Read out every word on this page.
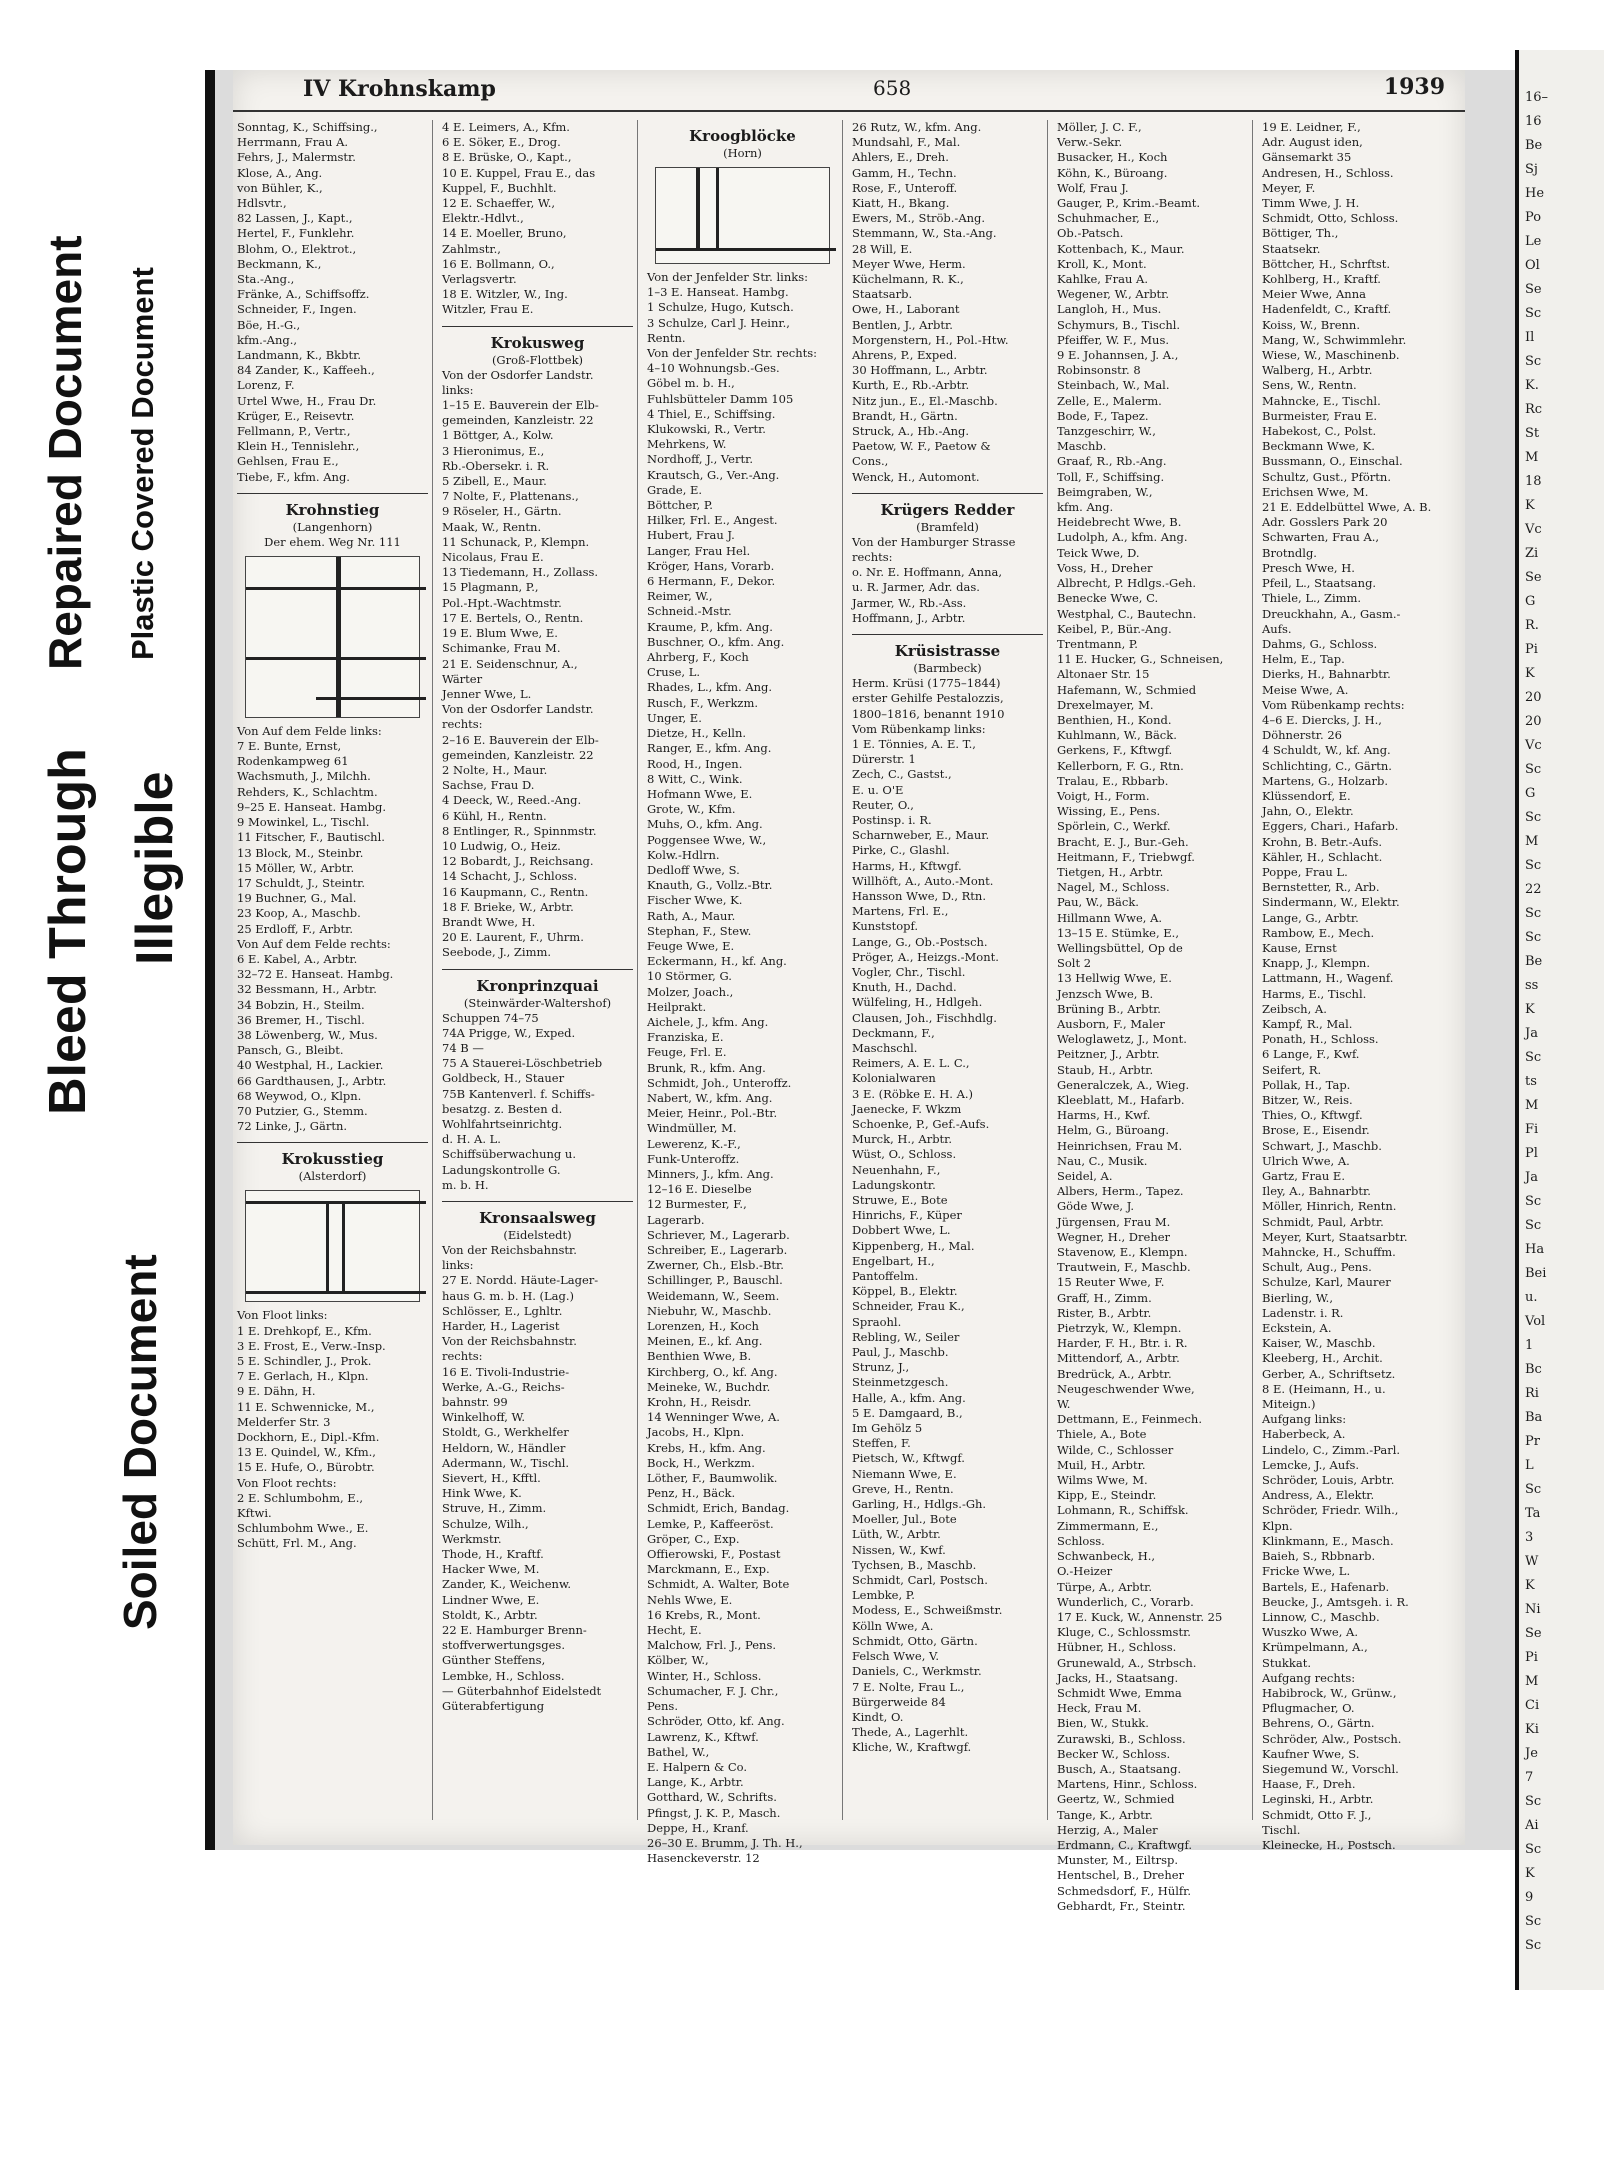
Bleed Through
Repaired Document Plastic Covered Document
Illegible
Soiled Document
IV Krohnskamp	658	1939
Sonntag, K., Schiffsing.,
Herrmann, Frau A.
Fehrs, J., Malermstr.
Klose, A., Ang.
von Bühler, K.,
Hdlsvtr.,
82 Lassen, J., Kapt.,
Hertel, F., Funklehr.
Blohm, O., Elektrot.,
Beckmann, K.,
Sta.-Ang.,
Fränke, A., Schiffsoffz.
Schneider, F., Ingen.
Böe, H.-G.,
kfm.-Ang.,
Landmann, K., Bkbtr.
84 Zander, K., Kaffeeh.,
Lorenz, F.
Urtel Wwe, H., Frau Dr.
Krüger, E., Reisevtr.
Fellmann, P., Vertr.,
Klein H., Tennislehr.,
Gehlsen, Frau E.,
Tiebe, F., kfm. Ang.
Krohnstieg
(Langenhorn)
Der ehem. Weg Nr. 111
Von Auf dem Felde links:
7 E. Bunte, Ernst,
Rodenkampweg 61
Wachsmuth, J., Milchh.
Rehders, K., Schlachtm.
9–25 E. Hanseat. Hambg.
9 Mowinkel, L., Tischl.
11 Fitscher, F., Bautischl.
13 Block, M., Steinbr.
15 Möller, W., Arbtr.
17 Schuldt, J., Steintr.
19 Buchner, G., Mal.
23 Koop, A., Maschb.
25 Erdloff, F., Arbtr.
Von Auf dem Felde rechts:
6 E. Kabel, A., Arbtr.
32–72 E. Hanseat. Hambg.
32 Bessmann, H., Arbtr.
34 Bobzin, H., Steilm.
36 Bremer, H., Tischl.
38 Löwenberg, W., Mus.
Pansch, G., Bleibt.
40 Westphal, H., Lackier.
66 Gardthausen, J., Arbtr.
68 Weywod, O., Klpn.
70 Putzier, G., Stemm.
72 Linke, J., Gärtn.
Krokusstieg
(Alsterdorf)
Von Floot links:
1 E. Drehkopf, E., Kfm.
3 E. Frost, E., Verw.-Insp.
5 E. Schindler, J., Prok.
7 E. Gerlach, H., Klpn.
9 E. Dähn, H.
11 E. Schwennicke, M.,
Melderfer Str. 3
Dockhorn, E., Dipl.-Kfm.
13 E. Quindel, W., Kfm.,
15 E. Hufe, O., Bürobtr.
Von Floot rechts:
2 E. Schlumbohm, E.,
Kftwi.
Schlumbohm Wwe., E.
Schütt, Frl. M., Ang.
4 E. Leimers, A., Kfm.
6 E. Söker, E., Drog.
8 E. Brüske, O., Kapt.,
10 E. Kuppel, Frau E., das
Kuppel, F., Buchhlt.
12 E. Schaeffer, W.,
Elektr.-Hdlvt.,
14 E. Moeller, Bruno,
Zahlmstr.,
16 E. Bollmann, O.,
Verlagsvertr.
18 E. Witzler, W., Ing.
Witzler, Frau E.
Krokusweg
(Groß-Flottbek)
Von der Osdorfer Landstr.
links:
1–15 E. Bauverein der Elb-
gemeinden, Kanzleistr. 22
1 Böttger, A., Kolw.
3 Hieronimus, E.,
Rb.-Obersekr. i. R.
5 Zibell, E., Maur.
7 Nolte, F., Plattenans.,
9 Röseler, H., Gärtn.
Maak, W., Rentn.
11 Schunack, P., Klempn.
Nicolaus, Frau E.
13 Tiedemann, H., Zollass.
15 Plagmann, P.,
Pol.-Hpt.-Wachtmstr.
17 E. Bertels, O., Rentn.
19 E. Blum Wwe, E.
Schimanke, Frau M.
21 E. Seidenschnur, A.,
Wärter
Jenner Wwe, L.
Von der Osdorfer Landstr.
rechts:
2–16 E. Bauverein der Elb-
gemeinden, Kanzleistr. 22
2 Nolte, H., Maur.
Sachse, Frau D.
4 Deeck, W., Reed.-Ang.
6 Kühl, H., Rentn.
8 Entlinger, R., Spinnmstr.
10 Ludwig, O., Heiz.
12 Bobardt, J., Reichsang.
14 Schacht, J., Schloss.
16 Kaupmann, C., Rentn.
18 F. Brieke, W., Arbtr.
Brandt Wwe, H.
20 E. Laurent, F., Uhrm.
Seebode, J., Zimm.
Kronprinzquai
(Steinwärder-Waltershof)
Schuppen 74–75
74A Prigge, W., Exped.
74 B —
75 A Stauerei-Löschbetrieb
Goldbeck, H., Stauer
75B Kantenverl. f. Schiffs-
besatzg. z. Besten d.
Wohlfahrtseinrichtg.
d. H. A. L.
Schiffsüberwachung u.
Ladungskontrolle G.
m. b. H.
Kronsaalsweg
(Eidelstedt)
Von der Reichsbahnstr.
links:
27 E. Nordd. Häute-Lager-
haus G. m. b. H. (Lag.)
Schlösser, E., Lghltr.
Harder, H., Lagerist
Von der Reichsbahnstr.
rechts:
16 E. Tivoli-Industrie-
Werke, A.-G., Reichs-
bahnstr. 99
Winkelhoff, W.
Stoldt, G., Werkhelfer
Heldorn, W., Händler
Adermann, W., Tischl.
Sievert, H., Kfftl.
Hink Wwe, K.
Struve, H., Zimm.
Schulze, Wilh.,
Werkmstr.
Thode, H., Kraftf.
Hacker Wwe, M.
Zander, K., Weichenw.
Lindner Wwe, E.
Stoldt, K., Arbtr.
22 E. Hamburger Brenn-
stoffverwertungsges.
Günther Steffens,
Lembke, H., Schloss.
— Güterbahnhof Eidelstedt
Güterabfertigung
Kroogblöcke
(Horn)
Von der Jenfelder Str. links:
1–3 E. Hanseat. Hambg.
1 Schulze, Hugo, Kutsch.
3 Schulze, Carl J. Heinr.,
Rentn.
Von der Jenfelder Str. rechts:
4–10 Wohnungsb.-Ges.
Göbel m. b. H.,
Fuhlsbütteler Damm 105
4 Thiel, E., Schiffsing.
Klukowski, R., Vertr.
Mehrkens, W.
Nordhoff, J., Vertr.
Krautsch, G., Ver.-Ang.
Grade, E.
Böttcher, P.
Hilker, Frl. E., Angest.
Hubert, Frau J.
Langer, Frau Hel.
Kröger, Hans, Vorarb.
6 Hermann, F., Dekor.
Reimer, W.,
Schneid.-Mstr.
Kraume, P., kfm. Ang.
Buschner, O., kfm. Ang.
Ahrberg, F., Koch
Cruse, L.
Rhades, L., kfm. Ang.
Rusch, F., Werkzm.
Unger, E.
Dietze, H., Kelln.
Ranger, E., kfm. Ang.
Rood, H., Ingen.
8 Witt, C., Wink.
Hofmann Wwe, E.
Grote, W., Kfm.
Muhs, O., kfm. Ang.
Poggensee Wwe, W.,
Kolw.-Hdlrn.
Dedloff Wwe, S.
Knauth, G., Vollz.-Btr.
Fischer Wwe, K.
Rath, A., Maur.
Stephan, F., Stew.
Feuge Wwe, E.
Eckermann, H., kf. Ang.
10 Störmer, G.
Molzer, Joach.,
Heilprakt.
Aichele, J., kfm. Ang.
Franziska, E.
Feuge, Frl. E.
Brunk, R., kfm. Ang.
Schmidt, Joh., Unteroffz.
Nabert, W., kfm. Ang.
Meier, Heinr., Pol.-Btr.
Windmüller, M.
Lewerenz, K.-F.,
Funk-Unteroffz.
Minners, J., kfm. Ang.
12–16 E. Dieselbe
12 Burmester, F.,
Lagerarb.
Schriever, M., Lagerarb.
Schreiber, E., Lagerarb.
Zwerner, Ch., Elsb.-Btr.
Schillinger, P., Bauschl.
Weidemann, W., Seem.
Niebuhr, W., Maschb.
Lorenzen, H., Koch
Meinen, E., kf. Ang.
Benthien Wwe, B.
Kirchberg, O., kf. Ang.
Meineke, W., Buchdr.
Krohn, H., Reisdr.
14 Wenninger Wwe, A.
Jacobs, H., Klpn.
Krebs, H., kfm. Ang.
Bock, H., Werkzm.
Löther, F., Baumwolik.
Penz, H., Bäck.
Schmidt, Erich, Bandag.
Lemke, P., Kaffeeröst.
Gröper, C., Exp.
Offierowski, F., Postast
Marckmann, E., Exp.
Schmidt, A. Walter, Bote
Nehls Wwe, E.
16 Krebs, R., Mont.
Hecht, E.
Malchow, Frl. J., Pens.
Kölber, W.,
Winter, H., Schloss.
Schumacher, F. J. Chr.,
Pens.
Schröder, Otto, kf. Ang.
Lawrenz, K., Kftwf.
Bathel, W.,
E. Halpern & Co.
Lange, K., Arbtr.
Gotthard, W., Schrifts.
Pfingst, J. K. P., Masch.
Deppe, H., Kranf.
26–30 E. Brumm, J. Th. H.,
Hasenckeverstr. 12
26 Rutz, W., kfm. Ang.
Mundsahl, F., Mal.
Ahlers, E., Dreh.
Gamm, H., Techn.
Rose, F., Unteroff.
Kiatt, H., Bkang.
Ewers, M., Ströb.-Ang.
Stemmann, W., Sta.-Ang.
28 Will, E.
Meyer Wwe, Herm.
Küchelmann, R. K.,
Staatsarb.
Owe, H., Laborant
Bentlen, J., Arbtr.
Morgenstern, H., Pol.-Htw.
Ahrens, P., Exped.
30 Hoffmann, L., Arbtr.
Kurth, E., Rb.-Arbtr.
Nitz jun., E., El.-Maschb.
Brandt, H., Gärtn.
Struck, A., Hb.-Ang.
Paetow, W. F., Paetow &
Cons.,
Wenck, H., Automont.
Krügers Redder
(Bramfeld)
Von der Hamburger Strasse
rechts:
o. Nr. E. Hoffmann, Anna,
u. R. Jarmer, Adr. das.
Jarmer, W., Rb.-Ass.
Hoffmann, J., Arbtr.
Krüsistrasse
(Barmbeck)
Herm. Krüsi (1775–1844)
erster Gehilfe Pestalozzis,
1800–1816, benannt 1910
Vom Rübenkamp links:
1 E. Tönnies, A. E. T.,
Dürerstr. 1
Zech, C., Gastst.,
E. u. O'E
Reuter, O.,
Postinsp. i. R.
Scharnweber, E., Maur.
Pirke, C., Glashl.
Harms, H., Kftwgf.
Willhöft, A., Auto.-Mont.
Hansson Wwe, D., Rtn.
Martens, Frl. E.,
Kunststopf.
Lange, G., Ob.-Postsch.
Pröger, A., Heizgs.-Mont.
Vogler, Chr., Tischl.
Knuth, H., Dachd.
Wülfeling, H., Hdlgeh.
Clausen, Joh., Fischhdlg.
Deckmann, F.,
Maschschl.
Reimers, A. E. L. C.,
Kolonialwaren
3 E. (Röbke E. H. A.)
Jaenecke, F. Wkzm
Schoenke, P., Gef.-Aufs.
Murck, H., Arbtr.
Wüst, O., Schloss.
Neuenhahn, F.,
Ladungskontr.
Struwe, E., Bote
Hinrichs, F., Küper
Dobbert Wwe, L.
Kippenberg, H., Mal.
Engelbart, H.,
Pantoffelm.
Köppel, B., Elektr.
Schneider, Frau K.,
Spraohl.
Rebling, W., Seiler
Paul, J., Maschb.
Strunz, J.,
Steinmetzgesch.
Halle, A., kfm. Ang.
5 E. Damgaard, B.,
Im Gehölz 5
Steffen, F.
Pietsch, W., Kftwgf.
Niemann Wwe, E.
Greve, H., Rentn.
Garling, H., Hdlgs.-Gh.
Moeller, Jul., Bote
Lüth, W., Arbtr.
Nissen, W., Kwf.
Tychsen, B., Maschb.
Schmidt, Carl, Postsch.
Lembke, P.
Modess, E., Schweißmstr.
Kölln Wwe, A.
Schmidt, Otto, Gärtn.
Felsch Wwe, V.
Daniels, C., Werkmstr.
7 E. Nolte, Frau L.,
Bürgerweide 84
Kindt, O.
Thede, A., Lagerhlt.
Kliche, W., Kraftwgf.
Möller, J. C. F.,
Verw.-Sekr.
Busacker, H., Koch
Köhn, K., Büroang.
Wolf, Frau J.
Gauger, P., Krim.-Beamt.
Schuhmacher, E.,
Ob.-Patsch.
Kottenbach, K., Maur.
Kroll, K., Mont.
Kahlke, Frau A.
Wegener, W., Arbtr.
Langloh, H., Mus.
Schymurs, B., Tischl.
Pfeiffer, W. F., Mus.
9 E. Johannsen, J. A.,
Robinsonstr. 8
Steinbach, W., Mal.
Zelle, E., Malerm.
Bode, F., Tapez.
Tanzgeschirr, W.,
Maschb.
Graaf, R., Rb.-Ang.
Toll, F., Schiffsing.
Beimgraben, W.,
kfm. Ang.
Heidebrecht Wwe, B.
Ludolph, A., kfm. Ang.
Teick Wwe, D.
Voss, H., Dreher
Albrecht, P. Hdlgs.-Geh.
Benecke Wwe, C.
Westphal, C., Bautechn.
Keibel, P., Bür.-Ang.
Trentmann, P.
11 E. Hucker, G., Schneisen,
Altonaer Str. 15
Hafemann, W., Schmied
Drexelmayer, M.
Benthien, H., Kond.
Kuhlmann, W., Bäck.
Gerkens, F., Kftwgf.
Kellerborn, F. G., Rtn.
Tralau, E., Rbbarb.
Voigt, H., Form.
Wissing, E., Pens.
Spörlein, C., Werkf.
Bracht, E. J., Bur.-Geh.
Heitmann, F., Triebwgf.
Tietgen, H., Arbtr.
Nagel, M., Schloss.
Pau, W., Bäck.
Hillmann Wwe, A.
13–15 E. Stümke, E.,
Wellingsbüttel, Op de
Solt 2
13 Hellwig Wwe, E.
Jenzsch Wwe, B.
Brüning B., Arbtr.
Ausborn, F., Maler
Weloglawetz, J., Mont.
Peitzner, J., Arbtr.
Staub, H., Arbtr.
Generalczek, A., Wieg.
Kleeblatt, M., Hafarb.
Harms, H., Kwf.
Helm, G., Büroang.
Heinrichsen, Frau M.
Nau, C., Musik.
Seidel, A.
Albers, Herm., Tapez.
Göde Wwe, J.
Jürgensen, Frau M.
Wegner, H., Dreher
Stavenow, E., Klempn.
Trautwein, F., Maschb.
15 Reuter Wwe, F.
Graff, H., Zimm.
Rister, B., Arbtr.
Pietrzyk, W., Klempn.
Harder, F. H., Btr. i. R.
Mittendorf, A., Arbtr.
Bredrück, A., Arbtr.
Neugeschwender Wwe,
W.
Dettmann, E., Feinmech.
Thiele, A., Bote
Wilde, C., Schlosser
Muil, H., Arbtr.
Wilms Wwe, M.
Kipp, E., Steindr.
Lohmann, R., Schiffsk.
Zimmermann, E.,
Schloss.
Schwanbeck, H.,
O.-Heizer
Türpe, A., Arbtr.
Wunderlich, C., Vorarb.
17 E. Kuck, W., Annenstr. 25
Kluge, C., Schlossmstr.
Hübner, H., Schloss.
Grunewald, A., Strbsch.
Jacks, H., Staatsang.
Schmidt Wwe, Emma
Heck, Frau M.
Bien, W., Stukk.
Zurawski, B., Schloss.
Becker W., Schloss.
Busch, A., Staatsang.
Martens, Hinr., Schloss.
Geertz, W., Schmied
Tange, K., Arbtr.
Herzig, A., Maler
Erdmann, C., Kraftwgf.
Munster, M., Eiltrsp.
Hentschel, B., Dreher
Schmedsdorf, F., Hülfr.
Gebhardt, Fr., Steintr.
19 E. Leidner, F.,
Adr. August iden,
Gänsemarkt 35
Andresen, H., Schloss.
Meyer, F.
Timm Wwe, J. H.
Schmidt, Otto, Schloss.
Böttiger, Th.,
Staatsekr.
Böttcher, H., Schrftst.
Kohlberg, H., Kraftf.
Meier Wwe, Anna
Hadenfeldt, C., Kraftf.
Koiss, W., Brenn.
Mang, W., Schwimmlehr.
Wiese, W., Maschinenb.
Walberg, H., Arbtr.
Sens, W., Rentn.
Mahncke, E., Tischl.
Burmeister, Frau E.
Habekost, C., Polst.
Beckmann Wwe, K.
Bussmann, O., Einschal.
Schultz, Gust., Pförtn.
Erichsen Wwe, M.
21 E. Eddelbüttel Wwe, A. B.
Adr. Gosslers Park 20
Schwarten, Frau A.,
Brotndlg.
Presch Wwe, H.
Pfeil, L., Staatsang.
Thiele, L., Zimm.
Dreuckhahn, A., Gasm.-
Aufs.
Dahms, G., Schloss.
Helm, E., Tap.
Dierks, H., Bahnarbtr.
Meise Wwe, A.
Vom Rübenkamp rechts:
4–6 E. Diercks, J. H.,
Döhnerstr. 26
4 Schuldt, W., kf. Ang.
Schlichting, C., Gärtn.
Martens, G., Holzarb.
Klüssendorf, E.
Jahn, O., Elektr.
Eggers, Chari., Hafarb.
Krohn, B. Betr.-Aufs.
Kähler, H., Schlacht.
Poppe, Frau L.
Bernstetter, R., Arb.
Sindermann, W., Elektr.
Lange, G., Arbtr.
Rambow, E., Mech.
Kause, Ernst
Knapp, J., Klempn.
Lattmann, H., Wagenf.
Harms, E., Tischl.
Zeibsch, A.
Kampf, R., Mal.
Ponath, H., Schloss.
6 Lange, F., Kwf.
Seifert, R.
Pollak, H., Tap.
Bitzer, W., Reis.
Thies, O., Kftwgf.
Brose, E., Eisendr.
Schwart, J., Maschb.
Ulrich Wwe, A.
Gartz, Frau E.
Iley, A., Bahnarbtr.
Möller, Hinrich, Rentn.
Schmidt, Paul, Arbtr.
Meyer, Kurt, Staatsarbtr.
Mahncke, H., Schuffm.
Schult, Aug., Pens.
Schulze, Karl, Maurer
Bierling, W.,
Ladenstr. i. R.
Eckstein, A.
Kaiser, W., Maschb.
Kleeberg, H., Archit.
Gerber, A., Schriftsetz.
8 E. (Heimann, H., u.
Miteign.)
Aufgang links:
Haberbeck, A.
Lindelo, C., Zimm.-Parl.
Lemcke, J., Aufs.
Schröder, Louis, Arbtr.
Andress, A., Elektr.
Schröder, Friedr. Wilh.,
Klpn.
Klinkmann, E., Masch.
Baieh, S., Rbbnarb.
Fricke Wwe, L.
Bartels, E., Hafenarb.
Beucke, J., Amtsgeh. i. R.
Linnow, C., Maschb.
Wuszko Wwe, A.
Krümpelmann, A.,
Stukkat.
Aufgang rechts:
Habibrock, W., Grünw.,
Pflugmacher, O.
Behrens, O., Gärtn.
Schröder, Alw., Postsch.
Kaufner Wwe, S.
Siegemund W., Vorschl.
Haase, F., Dreh.
Leginski, H., Arbtr.
Schmidt, Otto F. J.,
Tischl.
Kleinecke, H., Postsch.
16–
16
Be
Sj
He
Po
Le
Ol
Se
Sc
Il
Sc
K.
Rc
St
M
18
K
Vc
Zi
Se
G
R.
Pi
K
20
20
Vc
Sc
G
Sc
M
Sc
22
Sc
Sc
Be
ss
K
Ja
Sc
ts
M
Fi
Pl
Ja
Sc
Sc
Ha
Bei
u.
Vol
1
Bc
Ri
Ba
Pr
L
Sc
Ta
3
W
K
Ni
Se
Pi
M
Ci
Ki
Je
7
Sc
Ai
Sc
K
9
Sc
Sc
